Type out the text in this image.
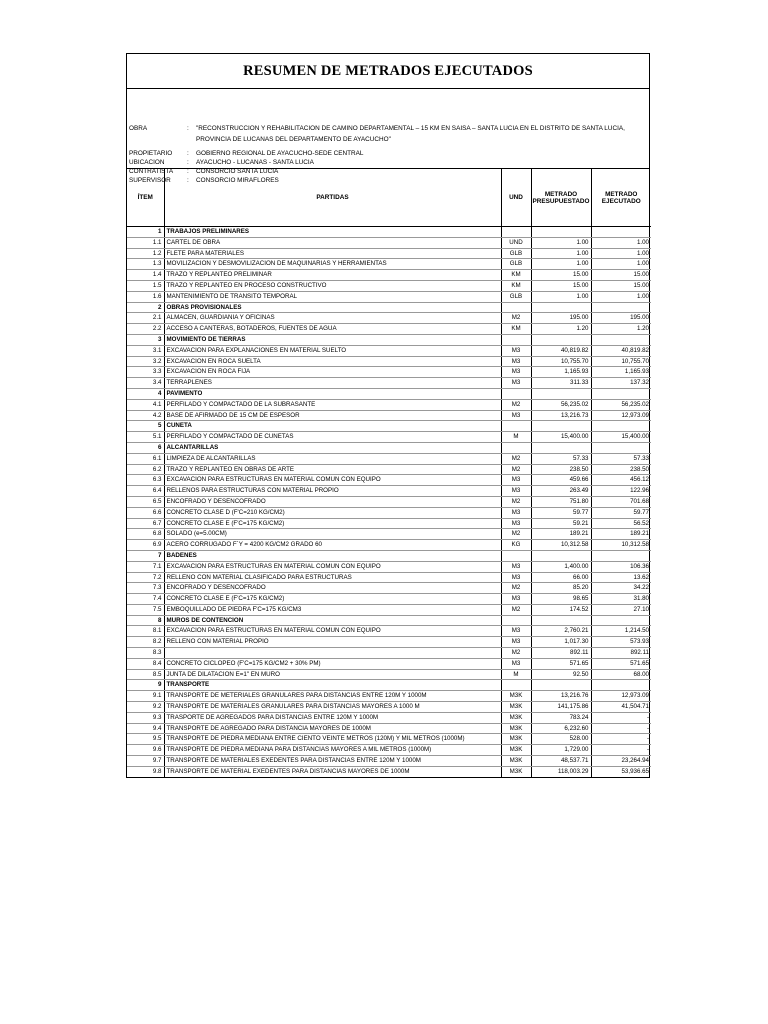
RESUMEN DE METRADOS EJECUTADOS
OBRA	:	"RECONSTRUCCION Y REHABILITACION DE CAMINO DEPARTAMENTAL – 15 KM EN SAISA – SANTA LUCIA EN EL DISTRITO DE SANTA LUCIA,
PROVINCIA DE LUCANAS DEL DEPARTAMENTO DE AYACUCHO"
PROPIETARIO	:	GOBIERNO REGIONAL DE AYACUCHO-SEDE CENTRAL
UBICACION	:	AYACUCHO - LUCANAS - SANTA LUCIA
CONTRATISTA	:	CONSORCIO SANTA LUCIA
SUPERVISOR	:	CONSORCIO MIRAFLORES
ÍTEM	PARTIDAS	UND	METRADO PRESUPUESTADO	METRADO EJECUTADO
1	TRABAJOS PRELIMINARES			
1.1	CARTEL DE OBRA	UND	1.00	1.00
1.2	FLETE PARA MATERIALES	GLB	1.00	1.00
1.3	MOVILIZACION Y DESMOVILIZACION DE MAQUINARIAS Y HERRAMIENTAS	GLB	1.00	1.00
1.4	TRAZO Y REPLANTEO PRELIMINAR	KM	15.00	15.00
1.5	TRAZO Y REPLANTEO EN PROCESO CONSTRUCTIVO	KM	15.00	15.00
1.6	MANTENIMIENTO DE TRANSITO TEMPORAL	GLB	1.00	1.00
2	OBRAS PROVISIONALES			
2.1	ALMACEN, GUARDIANIA Y OFICINAS	M2	195.00	195.00
2.2	ACCESO A CANTERAS, BOTADEROS, FUENTES DE AGUA	KM	1.20	1.20
3	MOVIMIENTO DE TIERRAS			
3.1	EXCAVACION PARA EXPLANACIONES EN MATERIAL SUELTO	M3	40,819.82	40,819.82
3.2	EXCAVACION EN ROCA SUELTA	M3	10,755.70	10,755.70
3.3	EXCAVACION EN ROCA FIJA	M3	1,165.93	1,165.93
3.4	TERRAPLENES	M3	311.33	137.32
4	PAVIMENTO			
4.1	PERFILADO Y COMPACTADO DE LA SUBRASANTE	M2	56,235.02	56,235.02
4.2	BASE DE AFIRMADO DE 15 CM DE ESPESOR	M3	13,216.73	12,973.09
5	CUNETA			
5.1	PERFILADO Y COMPACTADO DE CUNETAS	M	15,400.00	15,400.00
6	ALCANTARILLAS			
6.1	LIMPIEZA DE ALCANTARILLAS	M2	57.33	57.33
6.2	TRAZO Y REPLANTEO EN OBRAS DE ARTE	M2	238.50	238.50
6.3	EXCAVACION PARA ESTRUCTURAS EN MATERIAL COMUN CON EQUIPO	M3	459.66	456.12
6.4	RELLENOS PARA ESTRUCTURAS CON MATERIAL PROPIO	M3	263.49	122.96
6.5	ENCOFRADO Y DESENCOFRADO	M2	751.80	701.68
6.6	CONCRETO CLASE D (F'C=210 KG/CM2)	M3	59.77	59.77
6.7	CONCRETO CLASE E (F'C=175 KG/CM2)	M3	59.21	56.52
6.8	SOLADO (e=5.00CM)	M2	189.21	189.21
6.9	ACERO CORRUGADO F`Y = 4200 KG/CM2 GRADO 60	KG	10,312.58	10,312.58
7	BADENES			
7.1	EXCAVACION PARA ESTRUCTURAS EN MATERIAL COMUN CON EQUIPO	M3	1,400.00	106.36
7.2	RELLENO CON MATERIAL CLASIFICADO PARA ESTRUCTURAS	M3	66.00	13.62
7.3	ENCOFRADO Y DESENCOFRADO	M2	85.20	34.22
7.4	CONCRETO CLASE E (F'C=175 KG/CM2)	M3	98.65	31.80
7.5	EMBOQUILLADO DE PIEDRA F'C=175 KG/CM3	M2	174.52	27.10
8	MUROS DE CONTENCION			
8.1	EXCAVACION PARA ESTRUCTURAS EN MATERIAL COMUN CON EQUIPO	M3	2,760.21	1,214.50
8.2	RELLENO CON MATERIAL PROPIO	M3	1,017.30	573.93
8.3		M2	892.11	892.11
8.4	CONCRETO CICLOPEO (F'C=175 KG/CM2 + 30% PM)	M3	571.65	571.65
8.5	JUNTA DE DILATACION E=1" EN MURO	M	92.50	68.00
9	TRANSPORTE			
9.1	TRANSPORTE DE METERIALES GRANULARES PARA DISTANCIAS ENTRE 120M Y 1000M	M3K	13,216.76	12,973.09
9.2	TRANSPORTE DE MATERIALES GRANULARES PARA DISTANCIAS MAYORES A 1000 M	M3K	141,175.86	41,504.71
9.3	TRASPORTE DE AGREGADOS PARA DISTANCIAS ENTRE 120M Y 1000M	M3K	783.24	-
9.4	TRANSPORTE DE AGREGADO PARA DISTANCIA MAYORES DE 1000M	M3K	6,232.60	-
9.5	TRANSPORTE DE PIEDRA MEDIANA ENTRE CIENTO VEINTE METROS (120M) Y MIL METROS (1000M)	M3K	528.00	-
9.6	TRANSPORTE DE PIEDRA MEDIANA PARA DISTANCIAS MAYORES A MIL METROS (1000M)	M3K	1,729.00	-
9.7	TRANSPORTE DE MATERIALES EXEDENTES PARA DISTANCIAS ENTRE 120M Y 1000M	M3K	48,537.71	23,264.94
9.8	TRANSPORTE DE MATERIAL EXEDENTES PARA DISTANCIAS MAYORES DE 1000M	M3K	118,003.29	53,936.65
